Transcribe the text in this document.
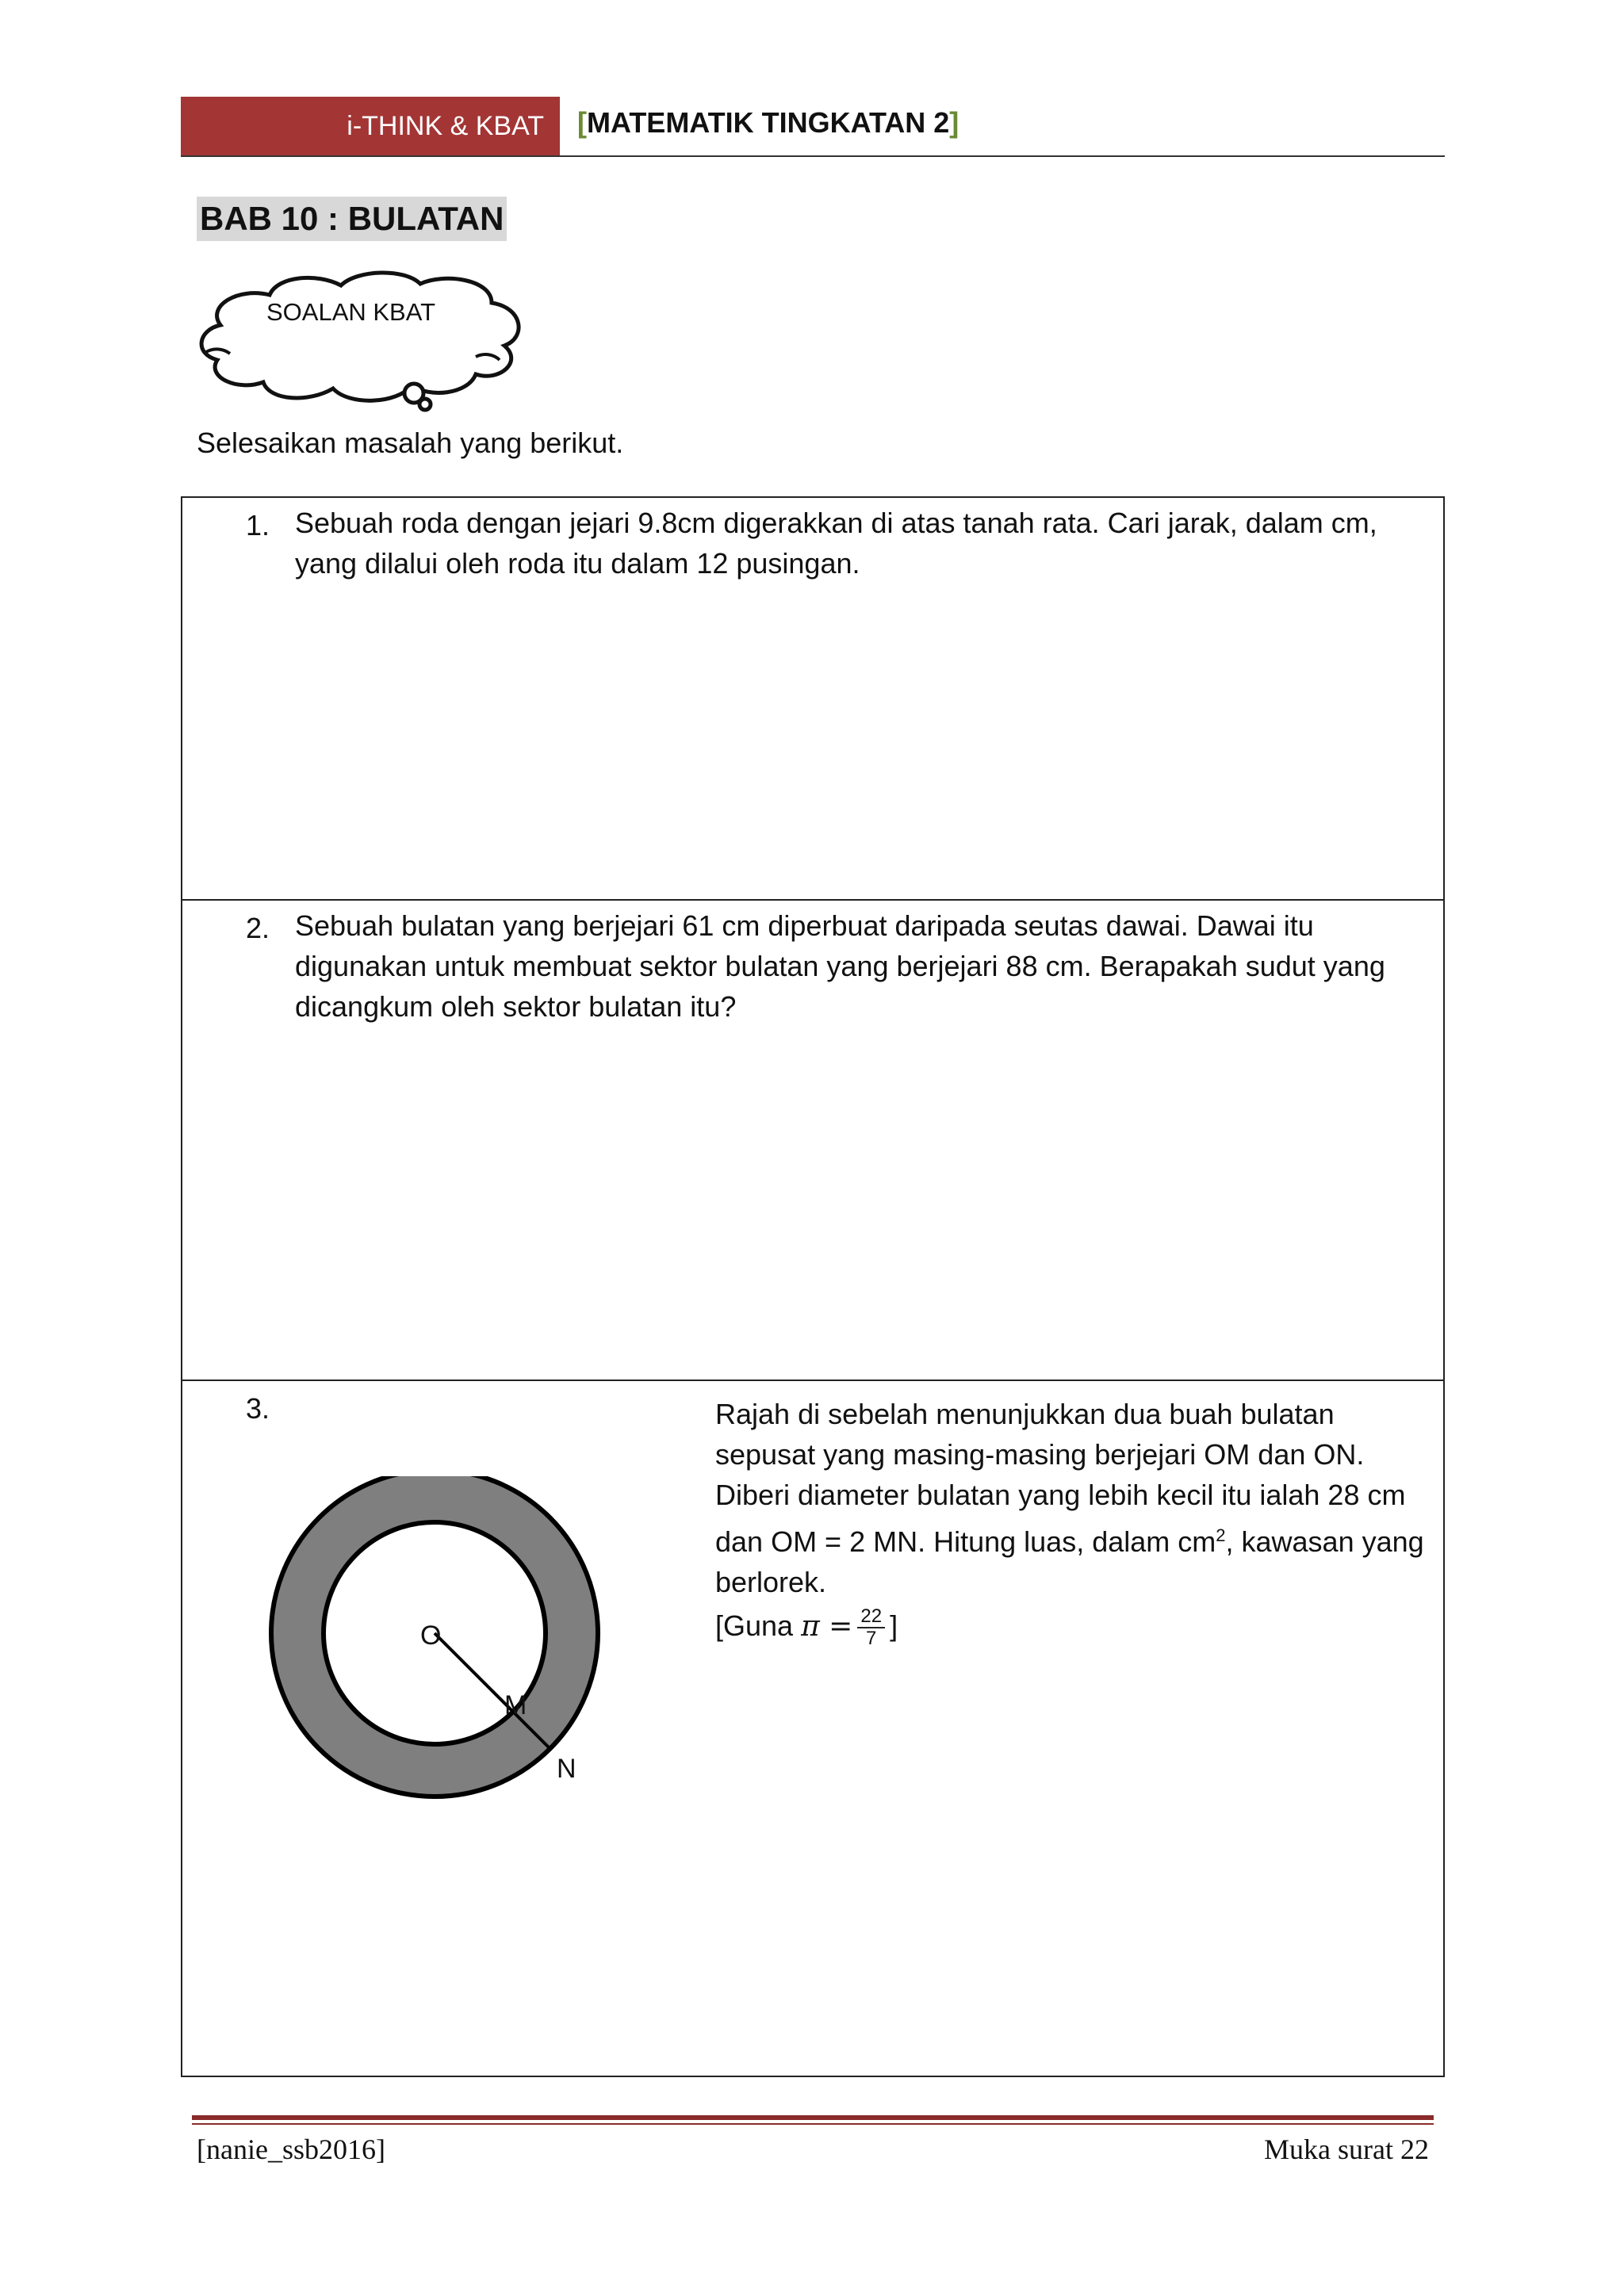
i-THINK & KBAT [MATEMATIK TINGKATAN 2]
BAB 10 : BULATAN
SOALAN KBAT
Selesaikan masalah yang berikut.
1. Sebuah roda dengan jejari 9.8cm digerakkan di atas tanah rata. Cari jarak, dalam cm, yang dilalui oleh roda itu dalam 12 pusingan.
2. Sebuah bulatan yang berjejari 61 cm diperbuat daripada seutas dawai. Dawai itu digunakan untuk membuat sektor bulatan yang berjejari 88 cm. Berapakah sudut yang dicangkum oleh sektor bulatan itu?
3.
O
M
N
Rajah di sebelah menunjukkan dua buah bulatan sepusat yang masing-masing berjejari OM dan ON. Diberi diameter bulatan yang lebih kecil itu ialah 28 cm dan OM = 2 MN. Hitung luas, dalam $cm^2$, kawasan yang berlorek.
[Guna $\pi = \frac{22}{7}$ ]
[nanie_ssb2016]	Muka surat 22
